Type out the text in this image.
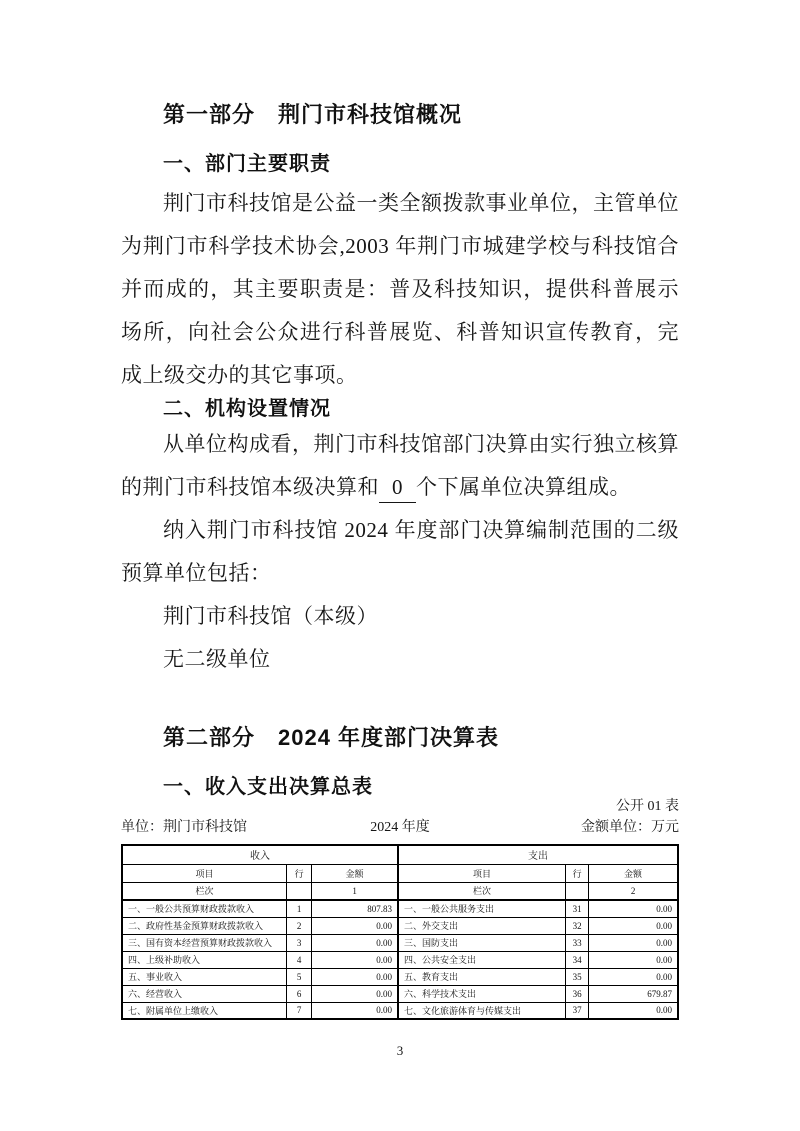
第一部分　荆门市科技馆概况
一、部门主要职责

荆门市科技馆是公益一类全额拨款事业单位，主管单位为荆门市科学技术协会,2003 年荆门市城建学校与科技馆合并而成的，其主要职责是：普及科技知识，提供科普展示场所，向社会公众进行科普展览、科普知识宣传教育，完成上级交办的其它事项。

二、机构设置情况

从单位构成看，荆门市科技馆部门决算由实行独立核算的荆门市科技馆本级决算和 0 个下属单位决算组成。

纳入荆门市科技馆 2024 年度部门决算编制范围的二级预算单位包括：

荆门市科技馆（本级）
无二级单位
第二部分　2024 年度部门决算表
一、收入支出决算总表
公开 01 表
单位：荆门市科技馆	2024 年度	金额单位：万元
收入			支出		
项目	行	金额	项目	行	金额
栏次		1	栏次		2
一、一般公共预算财政拨款收入	1	807.83	一、一般公共服务支出	31	0.00
二、政府性基金预算财政拨款收入	2	0.00	二、外交支出	32	0.00
三、国有资本经营预算财政拨款收入	3	0.00	三、国防支出	33	0.00
四、上级补助收入	4	0.00	四、公共安全支出	34	0.00
五、事业收入	5	0.00	五、教育支出	35	0.00
六、经营收入	6	0.00	六、科学技术支出	36	679.87
七、附属单位上缴收入	7	0.00	七、文化旅游体育与传媒支出	37	0.00
3
